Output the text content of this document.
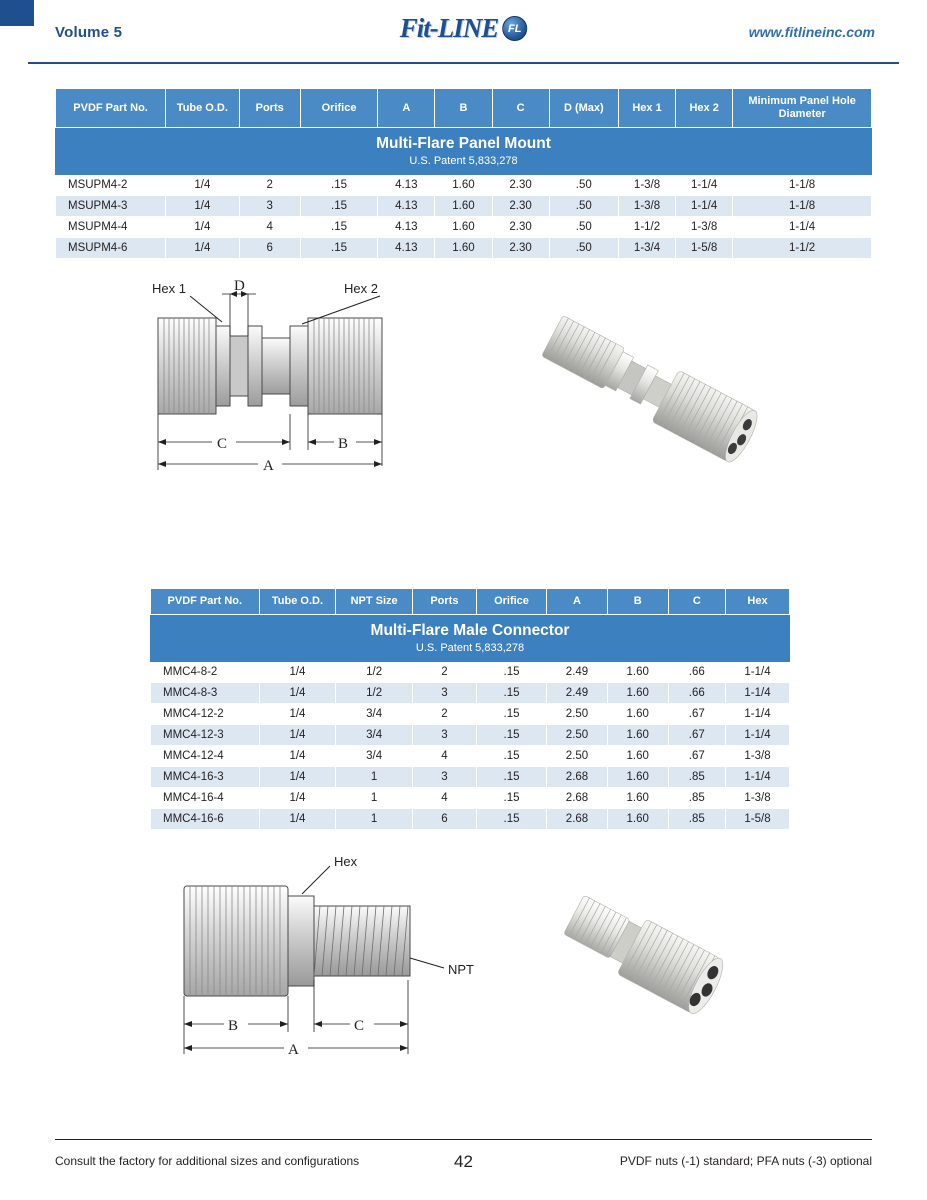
Volume 5	www.fitlineinc.com
Fit-LINE FL
Multi-Flare Panel Mount
U.S. Patent 5,833,278										

PVDF Part No.	Tube O.D.	Ports	Orifice	A	B	C	D (Max)	Hex 1	Hex 2	Minimum Panel Hole Diameter
MSUPM4-2	1/4	2	.15	4.13	1.60	2.30	.50	1-3/8	1-1/4	1-1/8
MSUPM4-3	1/4	3	.15	4.13	1.60	2.30	.50	1-3/8	1-1/4	1-1/8
MSUPM4-4	1/4	4	.15	4.13	1.60	2.30	.50	1-1/2	1-3/8	1-1/4
MSUPM4-6	1/4	6	.15	4.13	1.60	2.30	.50	1-3/4	1-5/8	1-1/2
Hex 1	Hex 2
D
C	B
A
Multi-Flare Male Connector
U.S. Patent 5,833,278								

PVDF Part No.	Tube O.D.	NPT Size	Ports	Orifice	A	B	C	Hex
MMC4-8-2	1/4	1/2	2	.15	2.49	1.60	.66	1-1/4
MMC4-8-3	1/4	1/2	3	.15	2.49	1.60	.66	1-1/4
MMC4-12-2	1/4	3/4	2	.15	2.50	1.60	.67	1-1/4
MMC4-12-3	1/4	3/4	3	.15	2.50	1.60	.67	1-1/4
MMC4-12-4	1/4	3/4	4	.15	2.50	1.60	.67	1-3/8
MMC4-16-3	1/4	1	3	.15	2.68	1.60	.85	1-1/4
MMC4-16-4	1/4	1	4	.15	2.68	1.60	.85	1-3/8
MMC4-16-6	1/4	1	6	.15	2.68	1.60	.85	1-5/8
Hex
NPT
B	C
A
Consult the factory for additional sizes and configurations	PVDF nuts (-1) standard; PFA nuts (-3) optional
42
